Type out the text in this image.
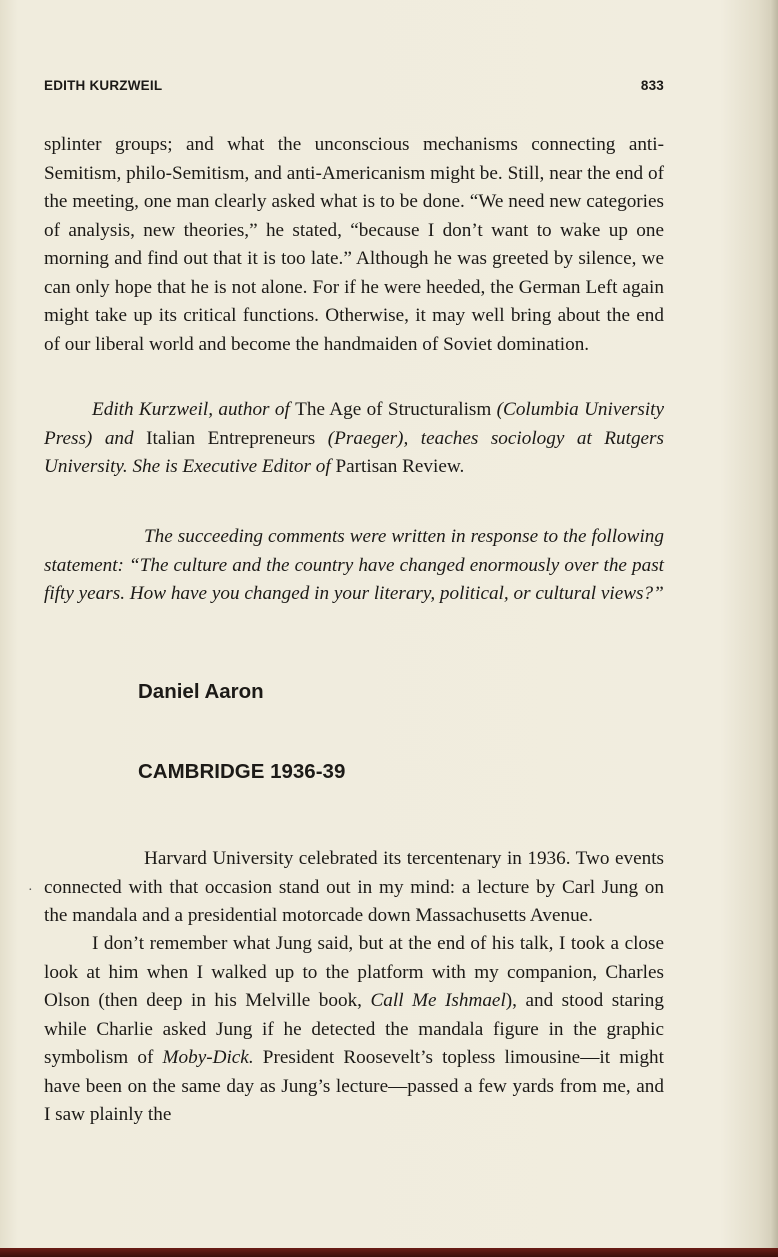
EDITH KURZWEIL	833
splinter groups; and what the unconscious mechanisms connecting anti-Semitism, philo-Semitism, and anti-Americanism might be. Still, near the end of the meeting, one man clearly asked what is to be done. “We need new categories of analysis, new theories,” he stated, “because I don’t want to wake up one morning and find out that it is too late.” Although he was greeted by silence, we can only hope that he is not alone. For if he were heeded, the German Left again might take up its critical functions. Otherwise, it may well bring about the end of our liberal world and become the handmaiden of Soviet domination.
Edith Kurzweil, author of The Age of Structuralism (Columbia University Press) and Italian Entrepreneurs (Praeger), teaches sociology at Rutgers University. She is Executive Editor of Partisan Review.
The succeeding comments were written in response to the following statement: “The culture and the country have changed enormously over the past fifty years. How have you changed in your literary, political, or cultural views?”
Daniel Aaron
CAMBRIDGE 1936-39
·
Harvard University celebrated its tercentenary in 1936. Two events connected with that occasion stand out in my mind: a lecture by Carl Jung on the mandala and a presidential motorcade down Massachusetts Avenue.
I don’t remember what Jung said, but at the end of his talk, I took a close look at him when I walked up to the platform with my companion, Charles Olson (then deep in his Melville book, Call Me Ishmael), and stood staring while Charlie asked Jung if he detected the mandala figure in the graphic symbolism of Moby-Dick. President Roosevelt’s topless limousine—it might have been on the same day as Jung’s lecture—passed a few yards from me, and I saw plainly the
